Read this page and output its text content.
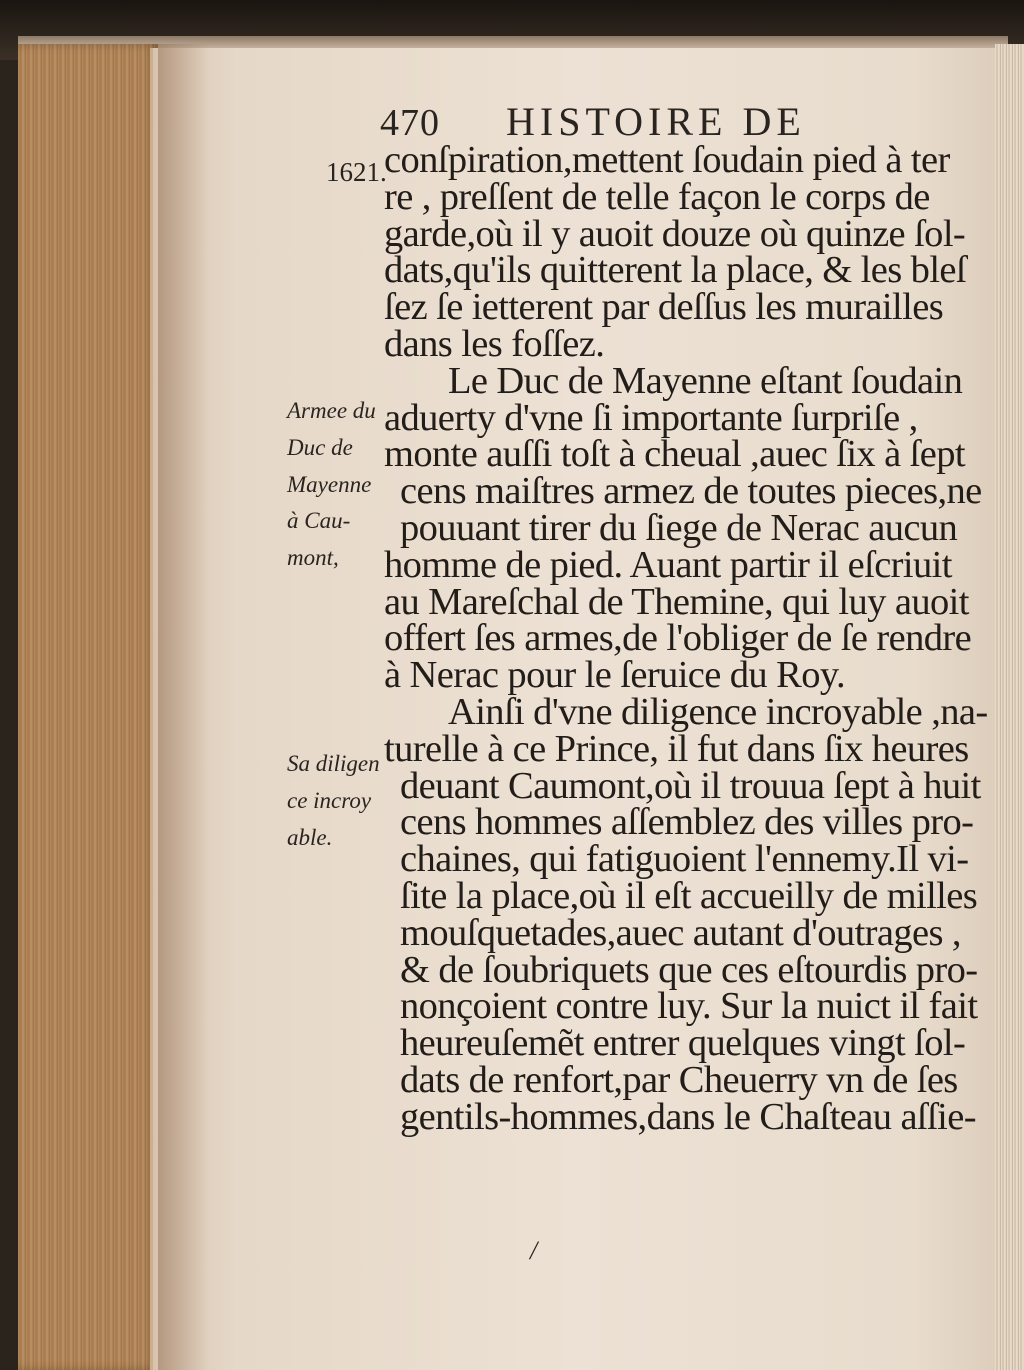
470 HISTOIRE DE
1621.
conſpiration,mettent ſoudain pied à ter
re , preſſent de telle façon le corps de
garde,où il y auoit douze où quinze ſol-
dats,qu'ils quitterent la place, & les bleſ
ſez ſe ietterent par deſſus les murailles
dans les foſſez.
Le Duc de Mayenne eſtant ſoudain
aduerty d'vne ſi importante ſurpriſe ,
monte auſſi toſt à cheual ,auec ſix à ſept
cens maiſtres armez de toutes pieces,ne
pouuant tirer du ſiege de Nerac aucun
homme de pied. Auant partir il eſcriuit
au Mareſchal de Themine, qui luy auoit
offert ſes armes,de l'obliger de ſe rendre
à Nerac pour le ſeruice du Roy.
Ainſi d'vne diligence incroyable ,na-
turelle à ce Prince, il fut dans ſix heures
deuant Caumont,où il trouua ſept à huit
cens hommes aſſemblez des villes pro-
chaines, qui fatiguoient l'ennemy.Il vi-
ſite la place,où il eſt accueilly de milles
mouſquetades,auec autant d'outrages ,
& de ſoubriquets que ces eſtourdis pro-
nonçoient contre luy. Sur la nuict il fait
heureuſemẽt entrer quelques vingt ſol-
dats de renfort,par Cheuerry vn de ſes
gentils-hommes,dans le Chaſteau aſſie-
Armee du
Duc de
Mayenne
à Cau-
mont,
Sa diligen
ce incroy
able.
/
